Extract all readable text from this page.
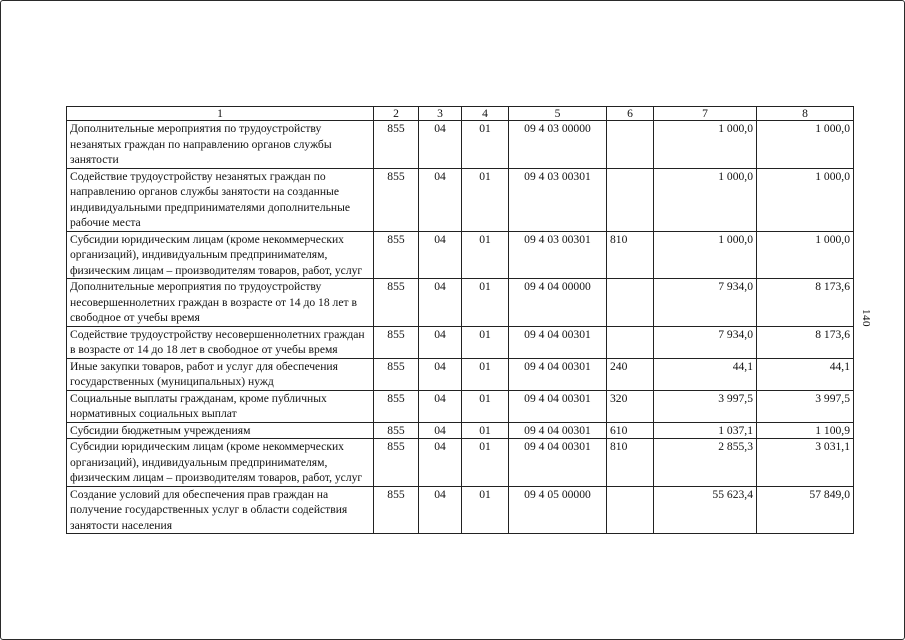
140
1	2	3	4	5	6	7	8
Дополнительные мероприятия по трудоустройству незанятых граждан по направлению органов службы занятости	855	04	01	09 4 03 00000		1 000,0	1 000,0
Содействие трудоустройству незанятых граждан по направлению органов службы занятости на созданные индивидуальными предпринимателями дополнительные рабочие места	855	04	01	09 4 03 00301		1 000,0	1 000,0
Субсидии юридическим лицам (кроме некоммерческих организаций), индивидуальным предпринимателям, физическим лицам – производителям товаров, работ, услуг	855	04	01	09 4 03 00301	810	1 000,0	1 000,0
Дополнительные мероприятия по трудоустройству несовершеннолетних граждан в возрасте от 14 до 18 лет в свободное от учебы время	855	04	01	09 4 04 00000		7 934,0	8 173,6
Содействие трудоустройству несовершеннолетних граждан в возрасте от 14 до 18 лет в свободное от учебы время	855	04	01	09 4 04 00301		7 934,0	8 173,6
Иные закупки товаров, работ и услуг для обеспечения государственных (муниципальных) нужд	855	04	01	09 4 04 00301	240	44,1	44,1
Социальные выплаты гражданам, кроме публичных нормативных социальных выплат	855	04	01	09 4 04 00301	320	3 997,5	3 997,5
Субсидии бюджетным учреждениям	855	04	01	09 4 04 00301	610	1 037,1	1 100,9
Субсидии юридическим лицам (кроме некоммерческих организаций), индивидуальным предпринимателям, физическим лицам – производителям товаров, работ, услуг	855	04	01	09 4 04 00301	810	2 855,3	3 031,1
Создание условий для обеспечения прав граждан на получение государственных услуг в области содействия занятости населения	855	04	01	09 4 05 00000		55 623,4	57 849,0
